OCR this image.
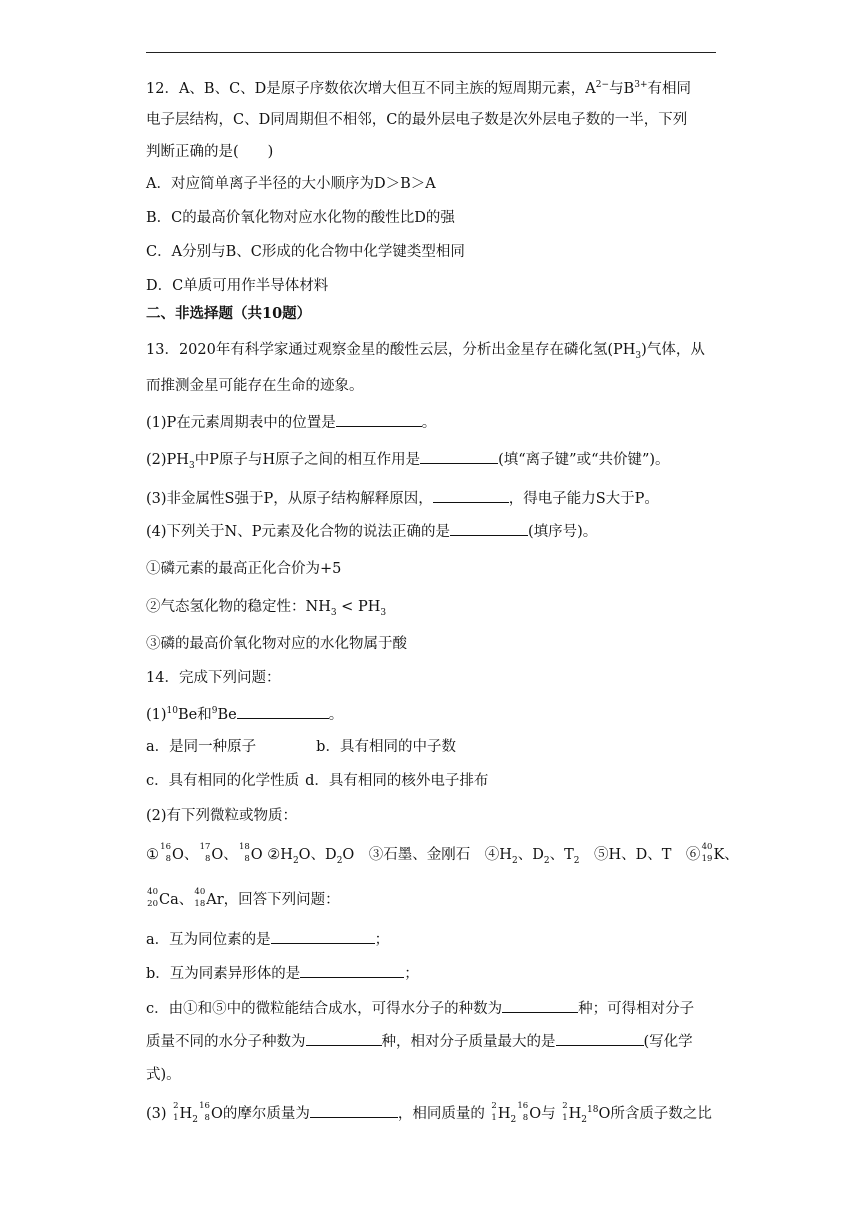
12．A、B、C、D是原子序数依次增大但互不同主族的短周期元素，$A^{2-}$与$B^{3+}$有相同
电子层结构，C、D同周期但不相邻，C的最外层电子数是次外层电子数的一半，下列
判断正确的是(　　)
A．对应简单离子半径的大小顺序为D＞B＞A
B．C的最高价氧化物对应水化物的酸性比D的强
C．A分别与B、C形成的化合物中化学键类型相同
D．C单质可用作半导体材料
二、非选择题（共10题）
13．2020年有科学家通过观察金星的酸性云层，分析出金星存在磷化氢$(PH_3)$气体，从
而推测金星可能存在生命的迹象。
(1)P在元素周期表中的位置是	。
$(2)PH_3$中P原子与H原子之间的相互作用是	(填“离子键”或“共价键”)。
(3)非金属性S强于P，从原子结构解释原因，	，得电子能力S大于P。
(4)下列关于N、P元素及化合物的说法正确的是	(填序号)。
①磷元素的最高正化合价为+5
②气态氢化物的稳定性：$NH_3 < PH_3$
③磷的最高价氧化物对应的水化物属于酸
14．完成下列问题：
$(1)^{10}Be$和$^9$Be	。
a．是同一种原子	b．具有相同的中子数
c．具有相同的化学性质 d．具有相同的核外电子排布
(2)有下列微粒或物质：
① 16
8 O、 17
8 O、 18
8 O $②H_2O$、$D_2O$　③石墨、金刚石　$④H_2$、$D_2$、$T_2$　⑤H、D、T　⑥ 40
19 K、
40
20 Ca、 40
18 Ar，回答下列问题：
a．互为同位素的是	；
b．互为同素异形体的是	；
c．由①和⑤中的微粒能结合成水，可得水分子的种数为	种；可得相对分子
质量不同的水分子种数为	种，相对分子质量最大的是	(写化学
式)。
(3) 2
1 $H_2$
16
8 O的摩尔质量为	，相同质量的 2
1 $H_2$
16
8 O与 2
1 $H_2^{18}O$所含质子数之比
